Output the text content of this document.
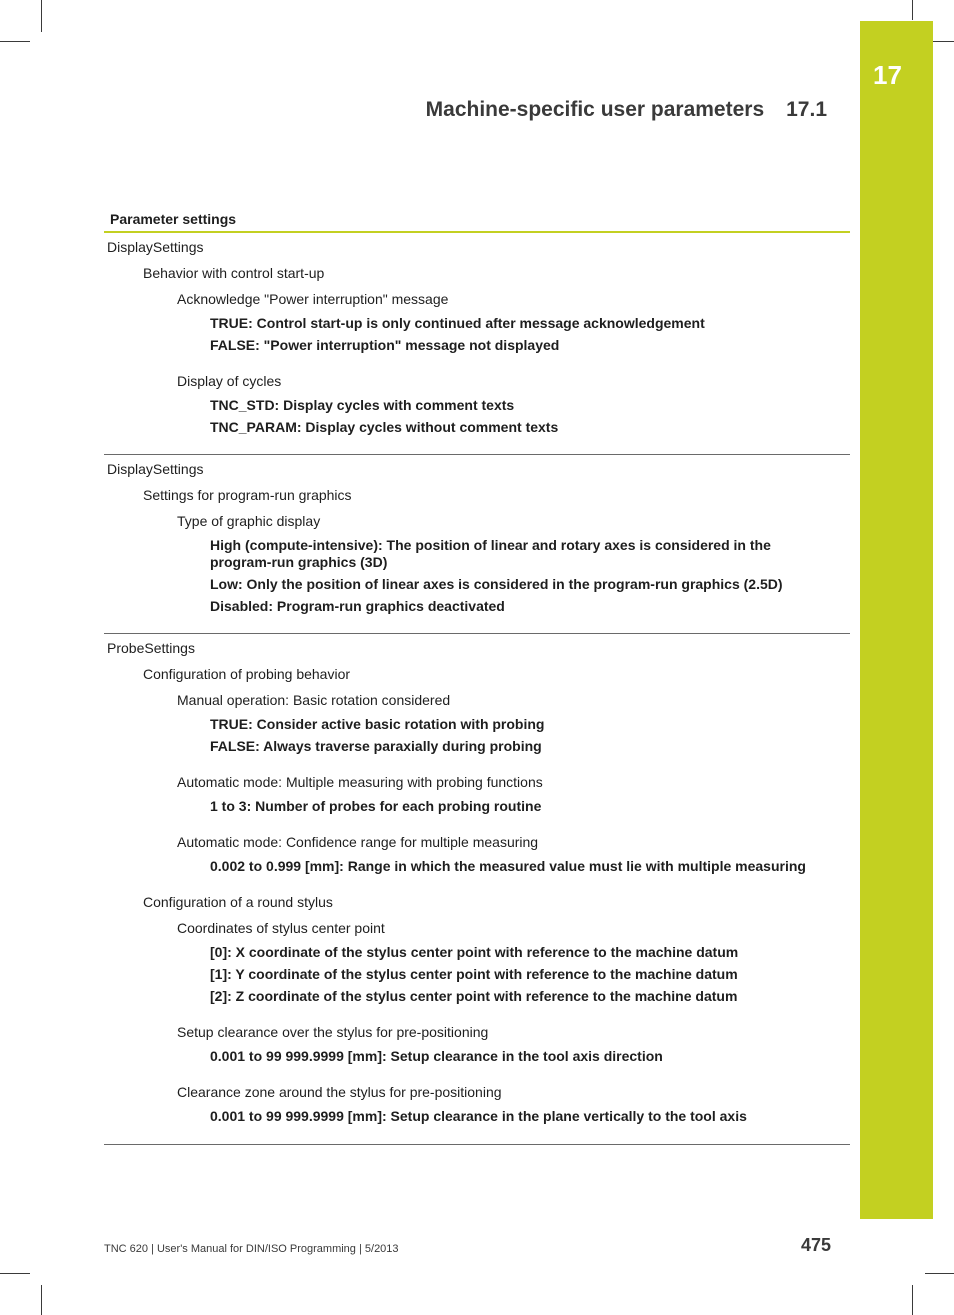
17
Machine-specific user parameters 17.1
Parameter settings
DisplaySettings
Behavior with control start-up
Acknowledge "Power interruption" message
TRUE: Control start-up is only continued after message acknowledgement
FALSE: "Power interruption" message not displayed
Display of cycles
TNC_STD: Display cycles with comment texts
TNC_PARAM: Display cycles without comment texts
DisplaySettings
Settings for program-run graphics
Type of graphic display
High (compute-intensive): The position of linear and rotary axes is considered in the program-run graphics (3D)
Low: Only the position of linear axes is considered in the program-run graphics (2.5D)
Disabled: Program-run graphics deactivated
ProbeSettings
Configuration of probing behavior
Manual operation: Basic rotation considered
TRUE: Consider active basic rotation with probing
FALSE: Always traverse paraxially during probing
Automatic mode: Multiple measuring with probing functions
1 to 3: Number of probes for each probing routine
Automatic mode: Confidence range for multiple measuring
0.002 to 0.999 [mm]: Range in which the measured value must lie with multiple measuring
Configuration of a round stylus
Coordinates of stylus center point
[0]: X coordinate of the stylus center point with reference to the machine datum
[1]: Y coordinate of the stylus center point with reference to the machine datum
[2]: Z coordinate of the stylus center point with reference to the machine datum
Setup clearance over the stylus for pre-positioning
0.001 to 99 999.9999 [mm]: Setup clearance in the tool axis direction
Clearance zone around the stylus for pre-positioning
0.001 to 99 999.9999 [mm]: Setup clearance in the plane vertically to the tool axis
TNC 620 | User's Manual for DIN/ISO Programming | 5/2013	475
